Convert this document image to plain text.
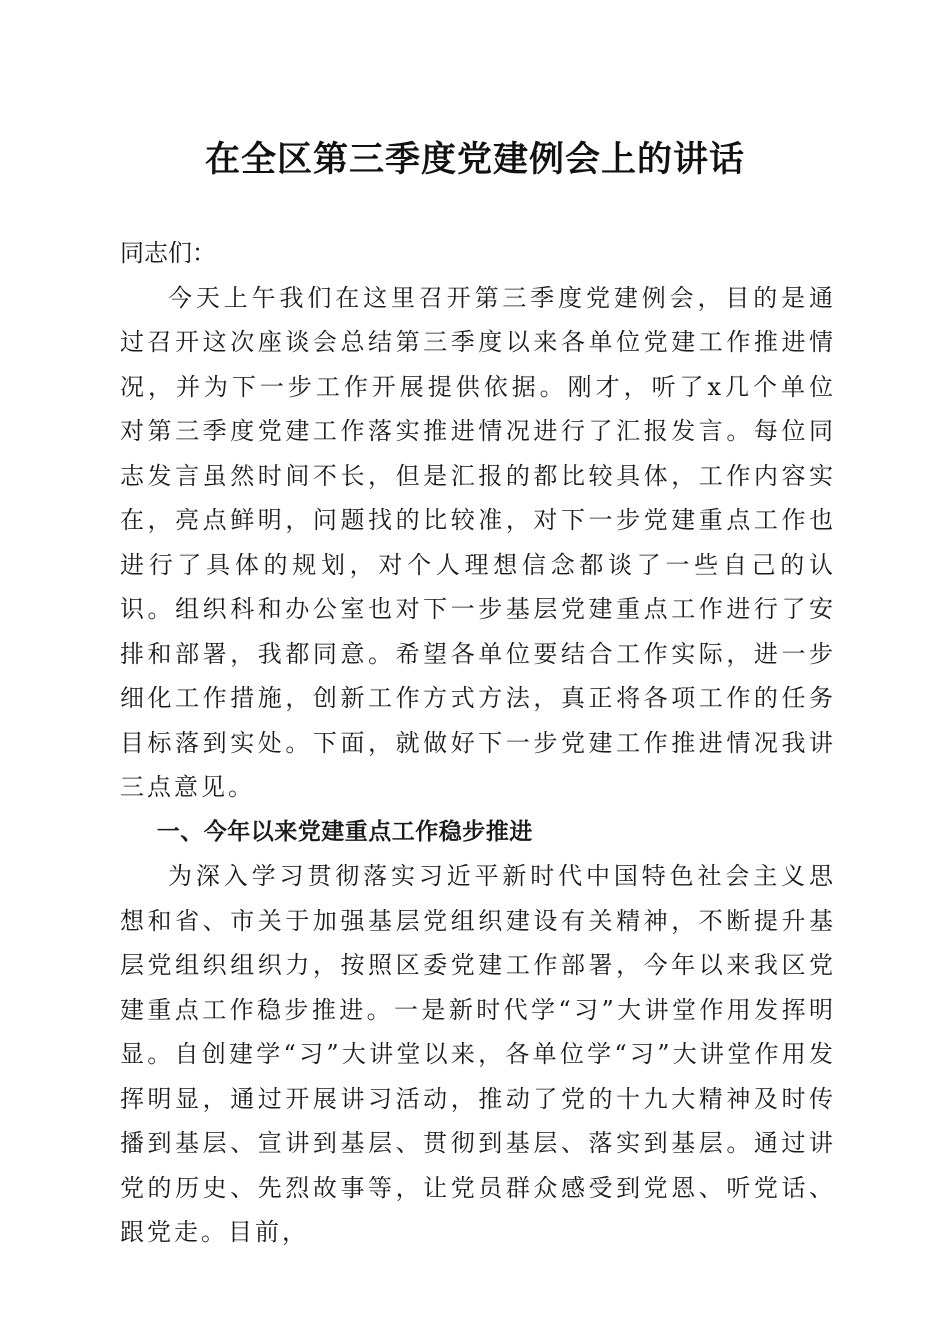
在全区第三季度党建例会上的讲话

同志们：

今天上午我们在这里召开第三季度党建例会，目的是通过召开这次座谈会总结第三季度以来各单位党建工作推进情况，并为下一步工作开展提供依据。刚才，听了x几个单位对第三季度党建工作落实推进情况进行了汇报发言。每位同志发言虽然时间不长，但是汇报的都比较具体，工作内容实在，亮点鲜明，问题找的比较准，对下一步党建重点工作也进行了具体的规划，对个人理想信念都谈了一些自己的认识。组织科和办公室也对下一步基层党建重点工作进行了安排和部署，我都同意。希望各单位要结合工作实际，进一步细化工作措施，创新工作方式方法，真正将各项工作的任务目标落到实处。下面，就做好下一步党建工作推进情况我讲三点意见。

一、今年以来党建重点工作稳步推进

为深入学习贯彻落实习近平新时代中国特色社会主义思想和省、市关于加强基层党组织建设有关精神，不断提升基层党组织组织力，按照区委党建工作部署，今年以来我区党建重点工作稳步推进。一是新时代学“习”大讲堂作用发挥明显。自创建学“习”大讲堂以来，各单位学“习”大讲堂作用发挥明显，通过开展讲习活动，推动了党的十九大精神及时传播到基层、宣讲到基层、贯彻到基层、落实到基层。通过讲党的历史、先烈故事等，让党员群众感受到党恩、听党话、跟党走。目前，
